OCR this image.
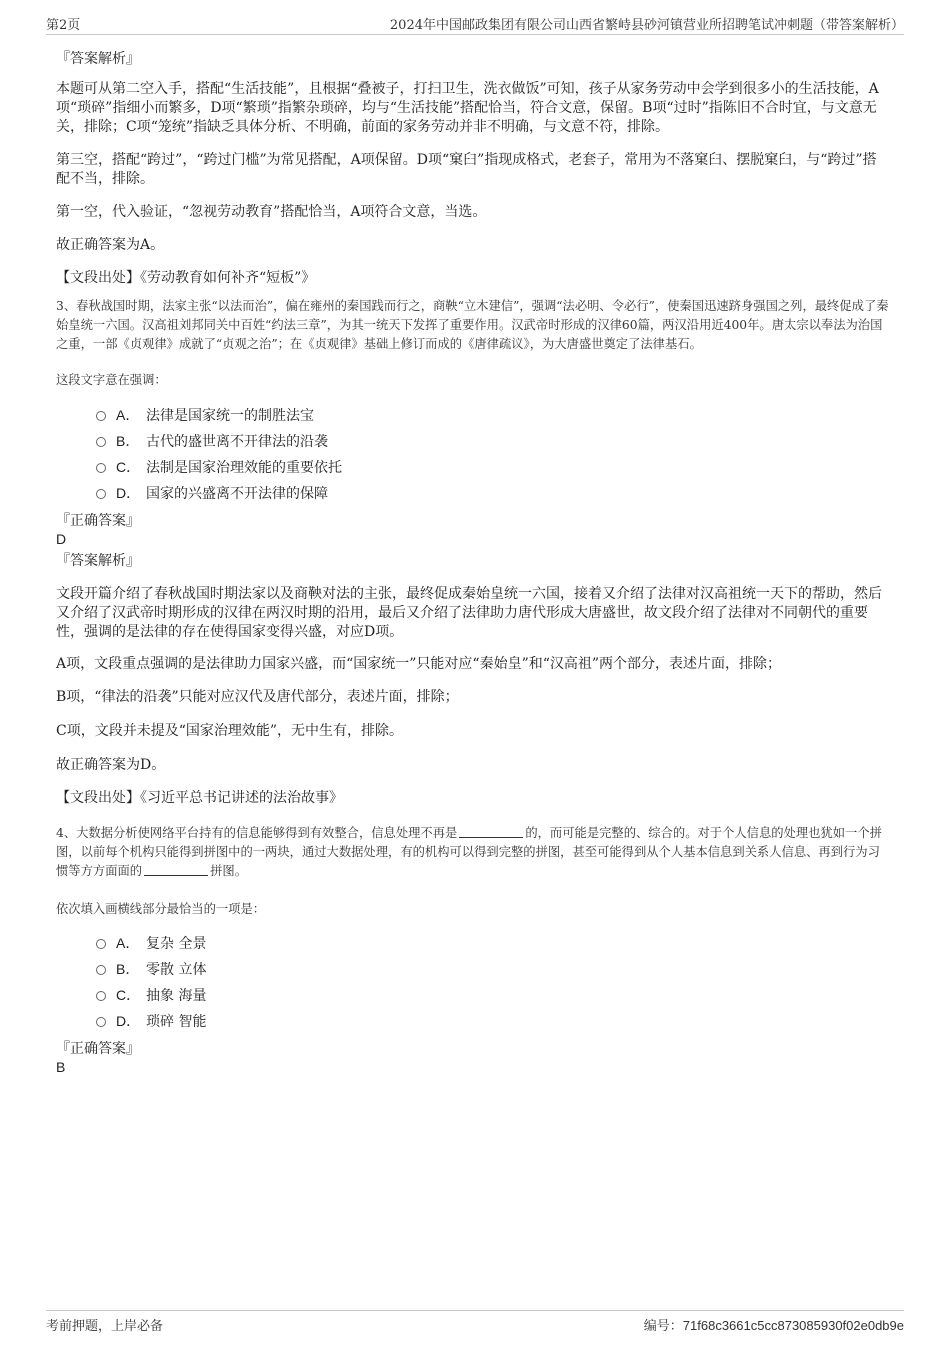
第2页	2024年中国邮政集团有限公司山西省繁峙县砂河镇营业所招聘笔试冲刺题（带答案解析）
『答案解析』
本题可从第二空入手，搭配“生活技能”，且根据“叠被子，打扫卫生，洗衣做饭”可知，孩子从家务劳动中会学到很多小的生活技能，A项“琐碎”指细小而繁多，D项“繁琐”指繁杂琐碎，均与“生活技能”搭配恰当，符合文意，保留。B项“过时”指陈旧不合时宜，与文意无关，排除；C项“笼统”指缺乏具体分析、不明确，前面的家务劳动并非不明确，与文意不符，排除。
第三空，搭配“跨过”，“跨过门槛”为常见搭配，A项保留。D项“窠臼”指现成格式，老套子，常用为不落窠臼、摆脱窠臼，与“跨过”搭配不当，排除。
第一空，代入验证，“忽视劳动教育”搭配恰当，A项符合文意，当选。
故正确答案为A。
【文段出处】《劳动教育如何补齐“短板”》
3、春秋战国时期，法家主张“以法而治”，偏在雍州的秦国践而行之，商鞅“立木建信”，强调“法必明、令必行”，使秦国迅速跻身强国之列，最终促成了秦始皇统一六国。汉高祖刘邦同关中百姓“约法三章”，为其一统天下发挥了重要作用。汉武帝时形成的汉律60篇，两汉沿用近400年。唐太宗以奉法为治国之重，一部《贞观律》成就了“贞观之治”；在《贞观律》基础上修订而成的《唐律疏议》，为大唐盛世奠定了法律基石。
这段文字意在强调：
A． 法律是国家统一的制胜法宝
B． 古代的盛世离不开律法的沿袭
C． 法制是国家治理效能的重要依托
D． 国家的兴盛离不开法律的保障
『正确答案』
D
『答案解析』
文段开篇介绍了春秋战国时期法家以及商鞅对法的主张，最终促成秦始皇统一六国，接着又介绍了法律对汉高祖统一天下的帮助，然后又介绍了汉武帝时期形成的汉律在两汉时期的沿用，最后又介绍了法律助力唐代形成大唐盛世，故文段介绍了法律对不同朝代的重要性，强调的是法律的存在使得国家变得兴盛，对应D项。
A项，文段重点强调的是法律助力国家兴盛，而“国家统一”只能对应“秦始皇”和“汉高祖”两个部分，表述片面，排除；
B项，“律法的沿袭”只能对应汉代及唐代部分，表述片面，排除；
C项，文段并未提及“国家治理效能”，无中生有，排除。
故正确答案为D。
【文段出处】《习近平总书记讲述的法治故事》
4、大数据分析使网络平台持有的信息能够得到有效整合，信息处理不再是	的，而可能是完整的、综合的。对于个人信息的处理也犹如一个拼图，以前每个机构只能得到拼图中的一两块，通过大数据处理，有的机构可以得到完整的拼图，甚至可能得到从个人基本信息到关系人信息、再到行为习惯等方方面面的	拼图。
依次填入画横线部分最恰当的一项是：
A． 复杂 全景
B． 零散 立体
C． 抽象 海量
D． 琐碎 智能
『正确答案』
B
考前押题，上岸必备	编号：71f68c3661c5cc873085930f02e0db9e
